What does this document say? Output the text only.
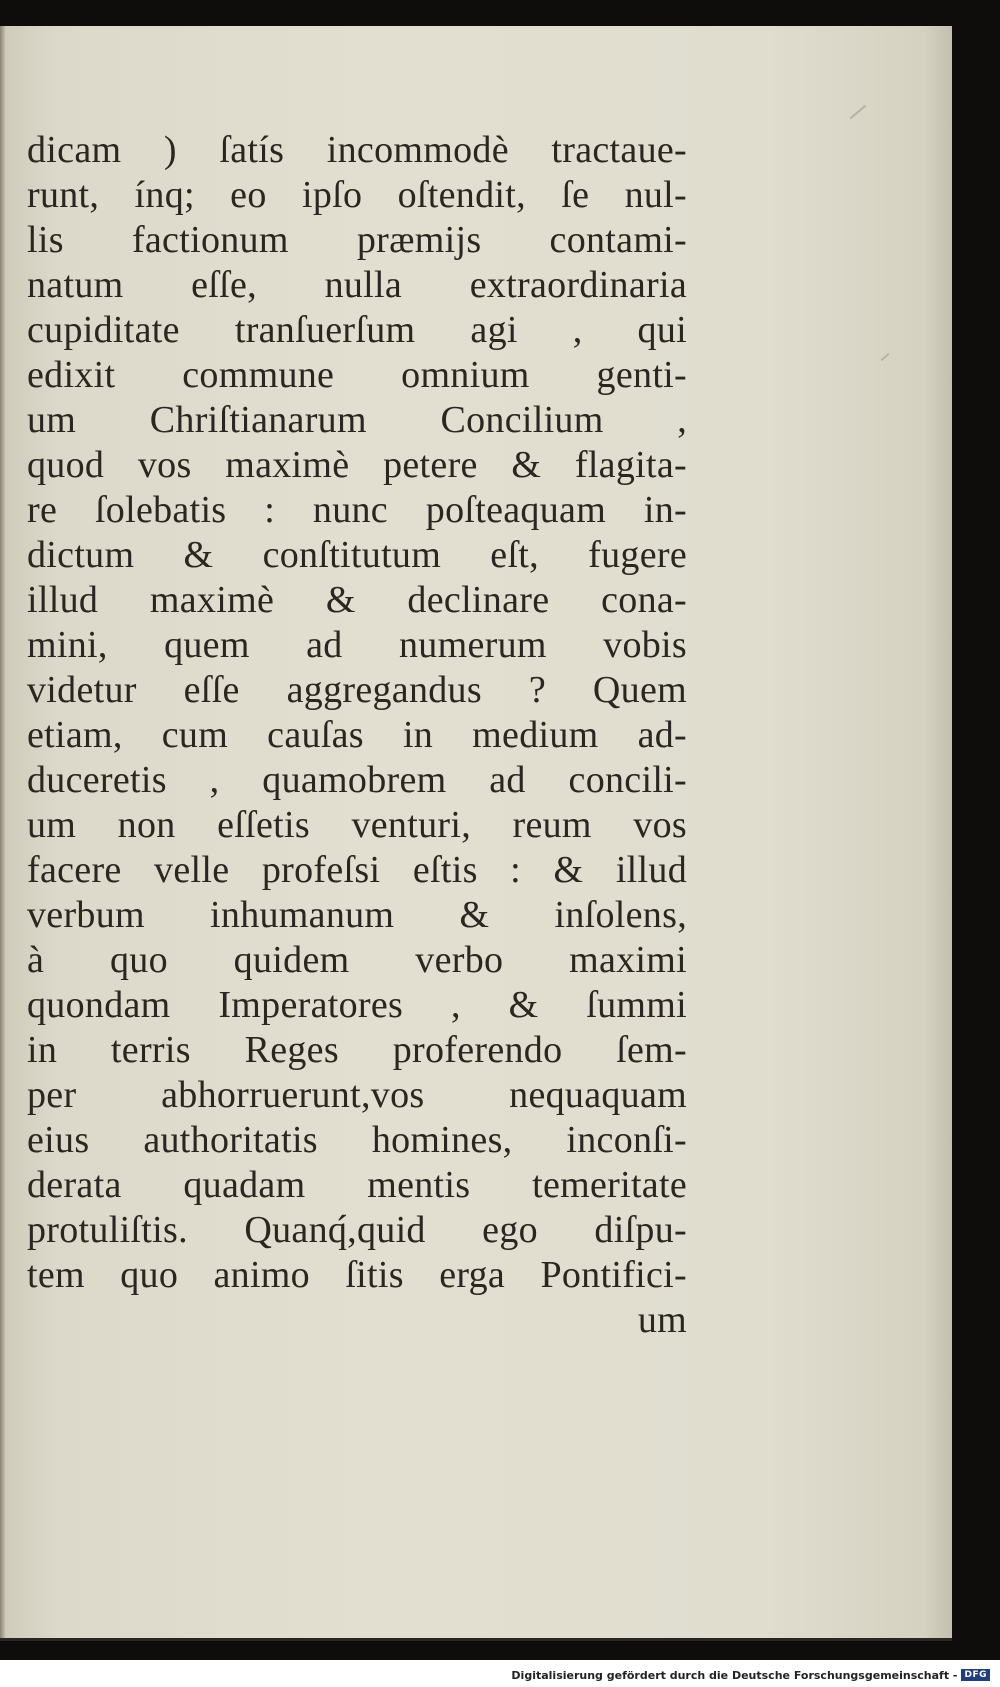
dicam ) ſatís incommodè tractaue-
runt, ínq; eo ipſo oſtendit, ſe nul-
lis factionum præmijs contami-
natum eſſe, nulla extraordinaria
cupiditate tranſuerſum agi , qui
edixit commune omnium genti-
um Chriſtianarum Concilium ,
quod vos maximè petere & flagita-
re ſolebatis : nunc poſteaquam in-
dictum & conſtitutum eſt, fugere
illud maximè & declinare cona-
mini, quem ad numerum vobis
videtur eſſe aggregandus ? Quem
etiam, cum cauſas in medium ad-
duceretis , quamobrem ad concili-
um non eſſetis venturi, reum vos
facere velle profeſsi eſtis : & illud
verbum inhumanum & inſolens,
à quo quidem verbo maximi
quondam Imperatores , & ſummi
in terris Reges proferendo ſem-
per abhorruerunt,vos nequaquam
eius authoritatis homines, inconſi-
derata quadam mentis temeritate
protuliſtis. Quanq́,quid ego diſpu-
tem quo animo ſitis erga Pontifici-
um
Digitalisierung gefördert durch die Deutsche Forschungsgemeinschaft - DFG
